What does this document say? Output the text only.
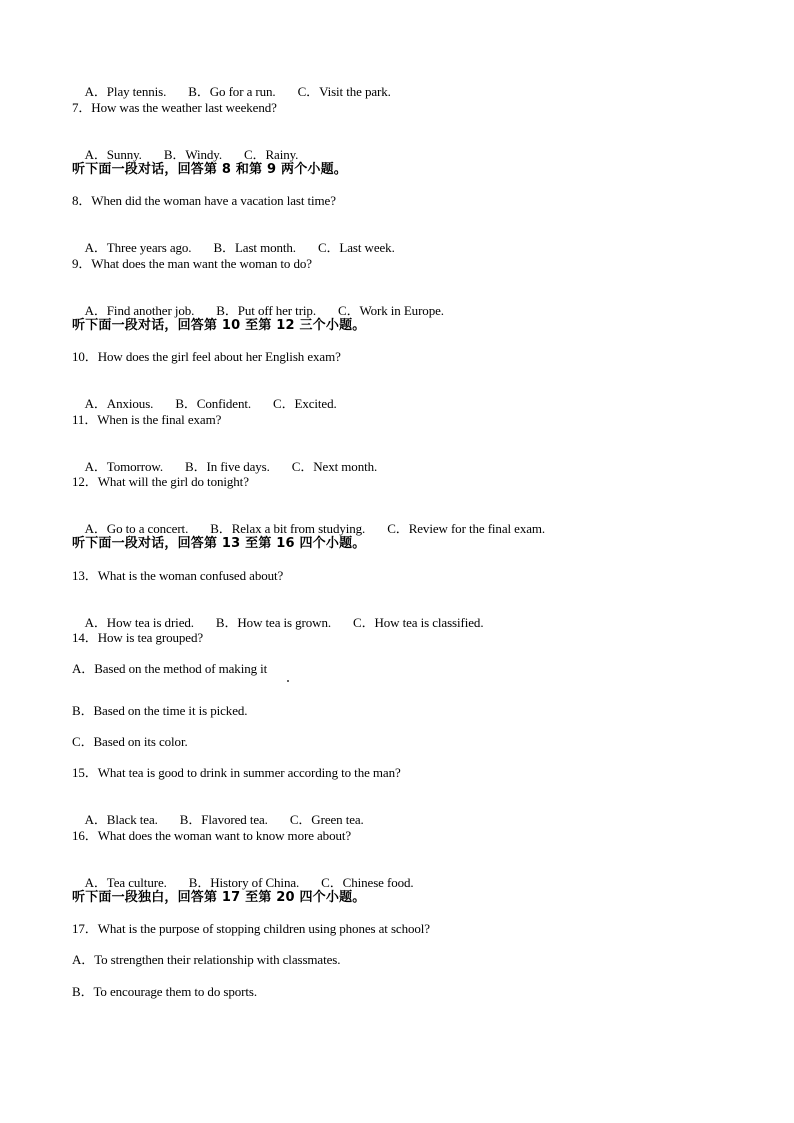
A．Play tennis. B．Go for a run. C．Visit the park.

7．How was the weather last weekend?

A．Sunny. B．Windy. C．Rainy.

听下面一段对话，回答第 8 和第 9 两个小题。
8．When did the woman have a vacation last time?

A．Three years ago. B．Last month. C．Last week.

9．What does the man want the woman to do?

A．Find another job. B．Put off her trip. C．Work in Europe.

听下面一段对话，回答第 10 至第 12 三个小题。
10．How does the girl feel about her English exam?

A．Anxious. B．Confident. C．Excited.

11．When is the final exam?

A．Tomorrow. B．In five days. C．Next month.

12．What will the girl do tonight?

A．Go to a concert. B．Relax a bit from studying. C．Review for the final exam.

听下面一段对话，回答第 13 至第 16 四个小题。
13．What is the woman confused about?

A．How tea is dried. B．How tea is grown. C．How tea is classified.

14．How is tea grouped?
A．Based on the method of making it
B．Based on the time it is picked.
C．Based on its color.
15．What tea is good to drink in summer according to the man?

A．Black tea. B．Flavored tea. C．Green tea.

16．What does the woman want to know more about?

A．Tea culture. B．History of China. C．Chinese food.

听下面一段独白，回答第 17 至第 20 四个小题。
17．What is the purpose of stopping children using phones at school?
A．To strengthen their relationship with classmates.
B．To encourage them to do sports.
